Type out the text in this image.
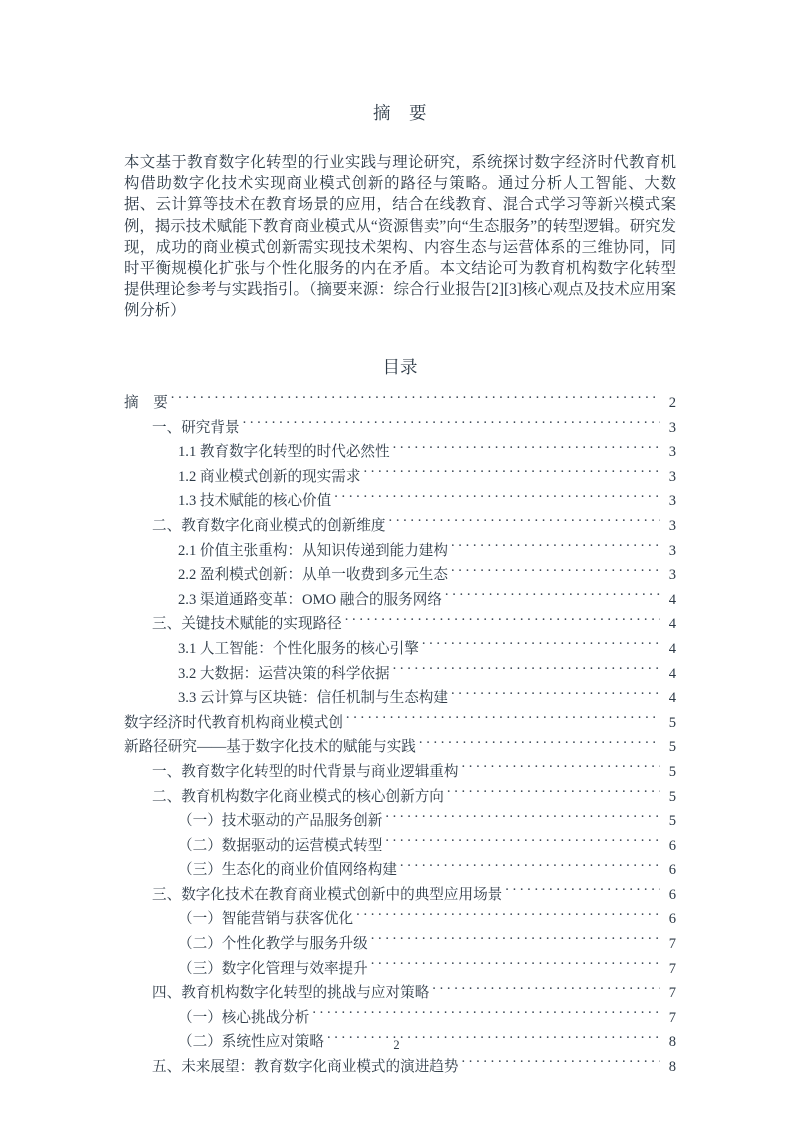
摘　要

本文基于教育数字化转型的行业实践与理论研究，系统探讨数字经济时代教育机构借助数字化技术实现商业模式创新的路径与策略。通过分析人工智能、大数据、云计算等技术在教育场景的应用，结合在线教育、混合式学习等新兴模式案例，揭示技术赋能下教育商业模式从“资源售卖”向“生态服务”的转型逻辑。研究发现，成功的商业模式创新需实现技术架构、内容生态与运营体系的三维协同，同时平衡规模化扩张与个性化服务的内在矛盾。本文结论可为教育机构数字化转型提供理论参考与实践指引。（摘要来源：综合行业报告[2][3]核心观点及技术应用案例分析）

目录
摘　要 . . .	2
一、研究背景 . . .	3
1.1 教育数字化转型的时代必然性 . . .	3
1.2 商业模式创新的现实需求 . . .	3
1.3 技术赋能的核心价值 . . .	3
二、教育数字化商业模式的创新维度 . . .	3
2.1 价值主张重构：从知识传递到能力建构 . . .	3
2.2 盈利模式创新：从单一收费到多元生态 . . .	3
2.3 渠道通路变革：OMO 融合的服务网络 . . .	4
三、关键技术赋能的实现路径 . . .	4
3.1 人工智能：个性化服务的核心引擎 . . .	4
3.2 大数据：运营决策的科学依据 . . .	4
3.3 云计算与区块链：信任机制与生态构建 . . .	4
数字经济时代教育机构商业模式创 . . .	5
新路径研究——基于数字化技术的赋能与实践 . . .	5
一、教育数字化转型的时代背景与商业逻辑重构 . . .	5
二、教育机构数字化商业模式的核心创新方向 . . .	5
（一）技术驱动的产品服务创新 . . .	5
（二）数据驱动的运营模式转型 . . .	6
（三）生态化的商业价值网络构建 . . .	6
三、数字化技术在教育商业模式创新中的典型应用场景 . . .	6
（一）智能营销与获客优化 . . .	6
（二）个性化教学与服务升级 . . .	7
（三）数字化管理与效率提升 . . .	7
四、教育机构数字化转型的挑战与应对策略 . . .	7
（一）核心挑战分析 . . .	7
（二）系统性应对策略 . . .	8
五、未来展望：教育数字化商业模式的演进趋势 . . .	8
2
